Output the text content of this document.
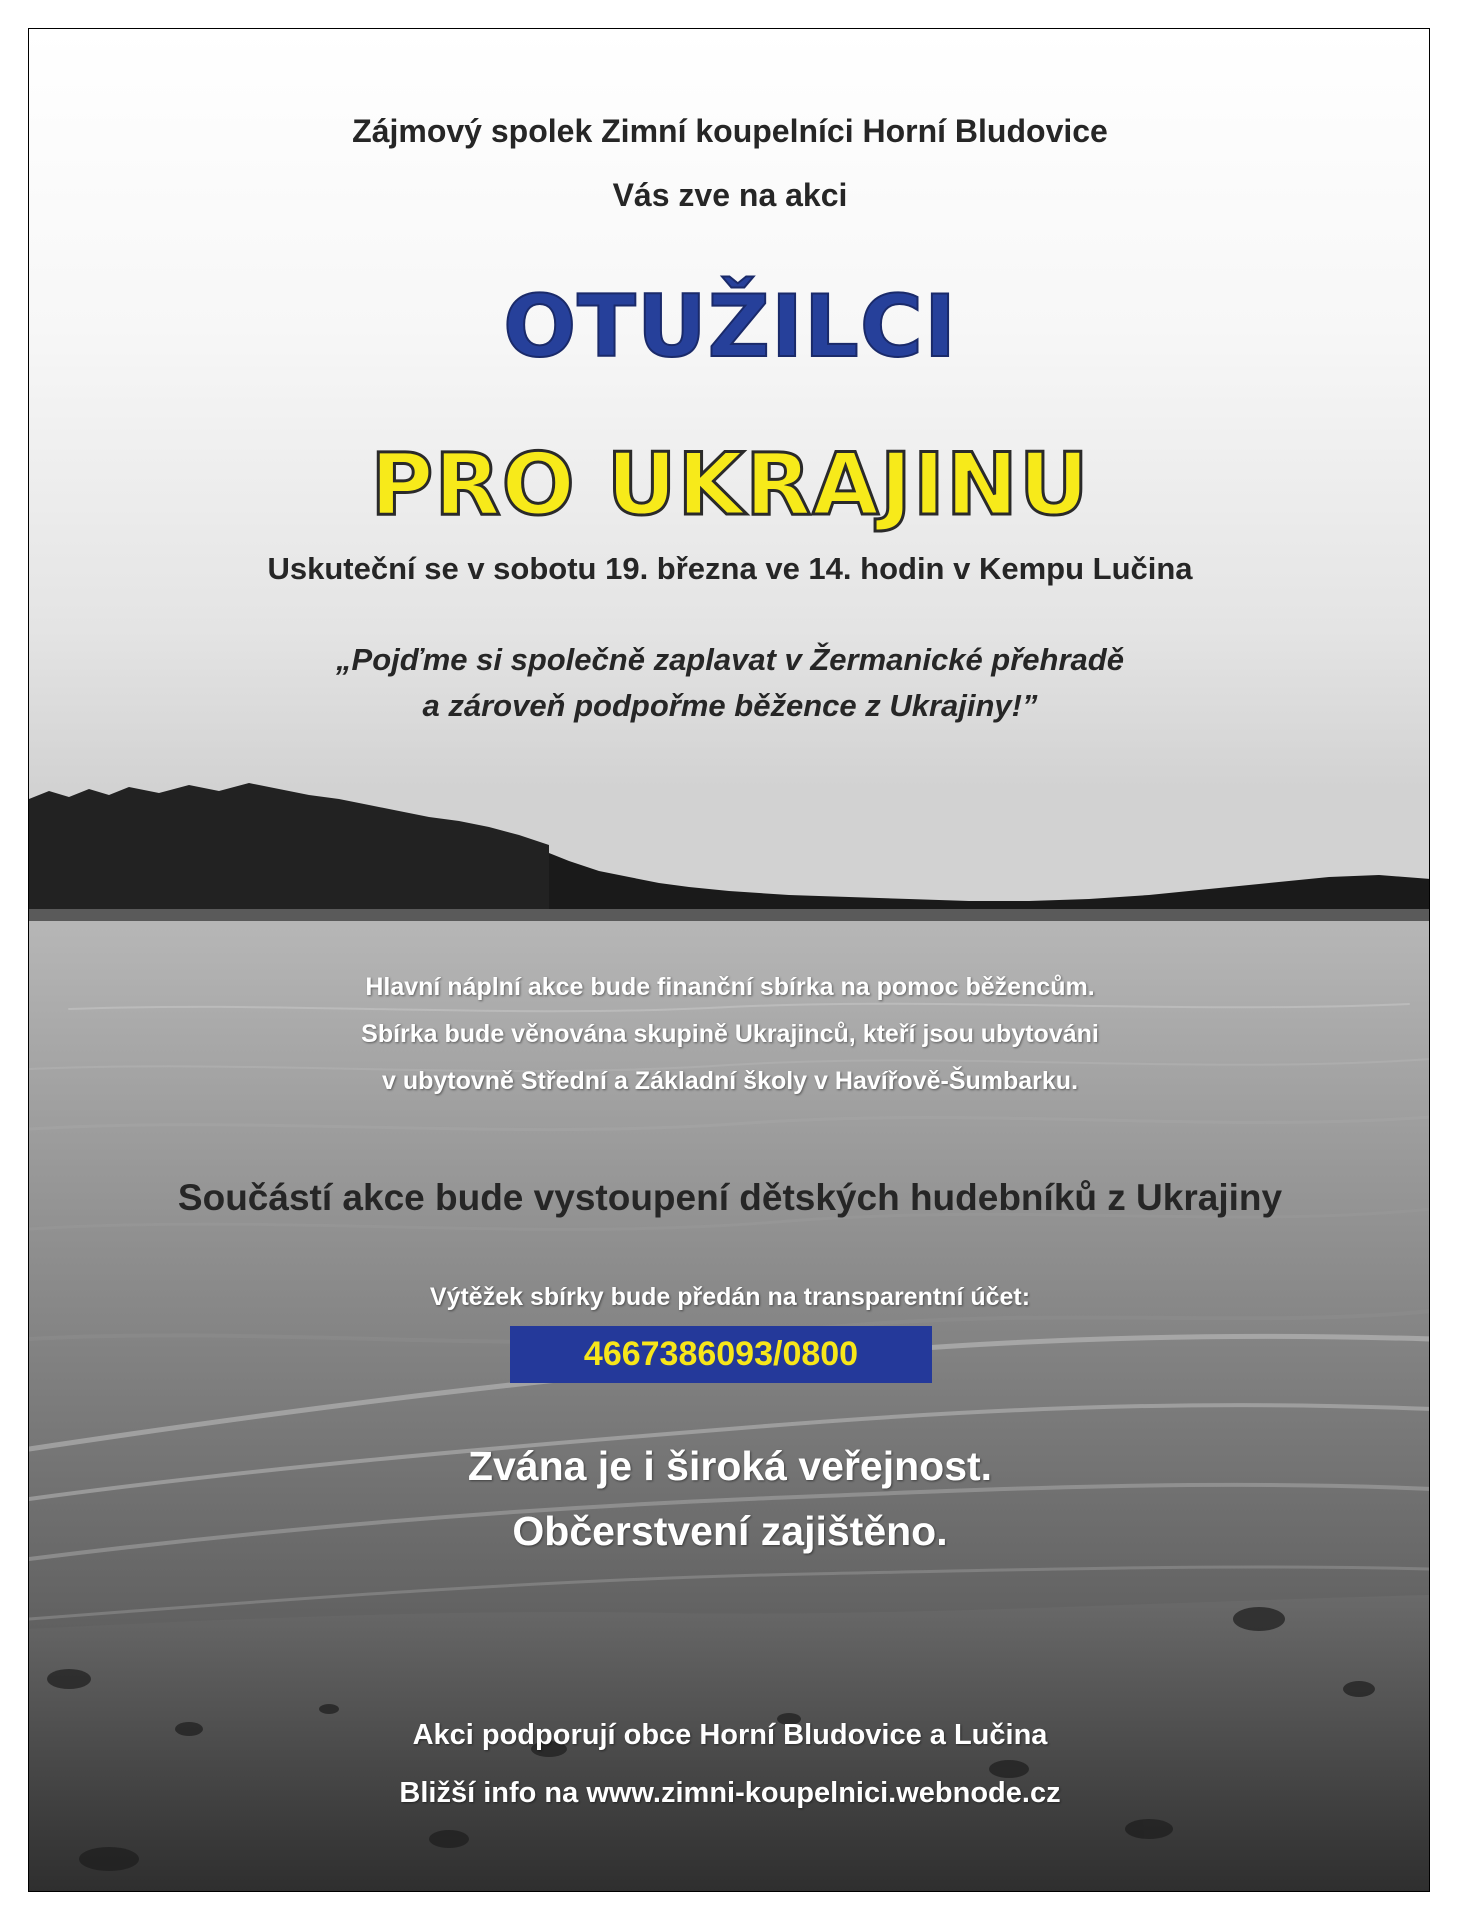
Zájmový spolek Zimní koupelníci Horní Bludovice
Vás zve na akci
OTUŽILCI
PRO UKRAJINU
Uskuteční se v sobotu 19. března ve 14. hodin v Kempu Lučina
„Pojďme si společně zaplavat v Žermanické přehradě
a zároveň podpořme běžence z Ukrajiny!”
Hlavní náplní akce bude finanční sbírka na pomoc běžencům.
Sbírka bude věnována skupině Ukrajinců, kteří jsou ubytováni
v ubytovně Střední a Základní školy v Havířově-Šumbarku.
Součástí akce bude vystoupení dětských hudebníků z Ukrajiny
Výtěžek sbírky bude předán na transparentní účet:
4667386093/0800
Zvána je i široká veřejnost.
Občerstvení zajištěno.
Akci podporují obce Horní Bludovice a Lučina
Bližší info na www.zimni-koupelnici.webnode.cz
